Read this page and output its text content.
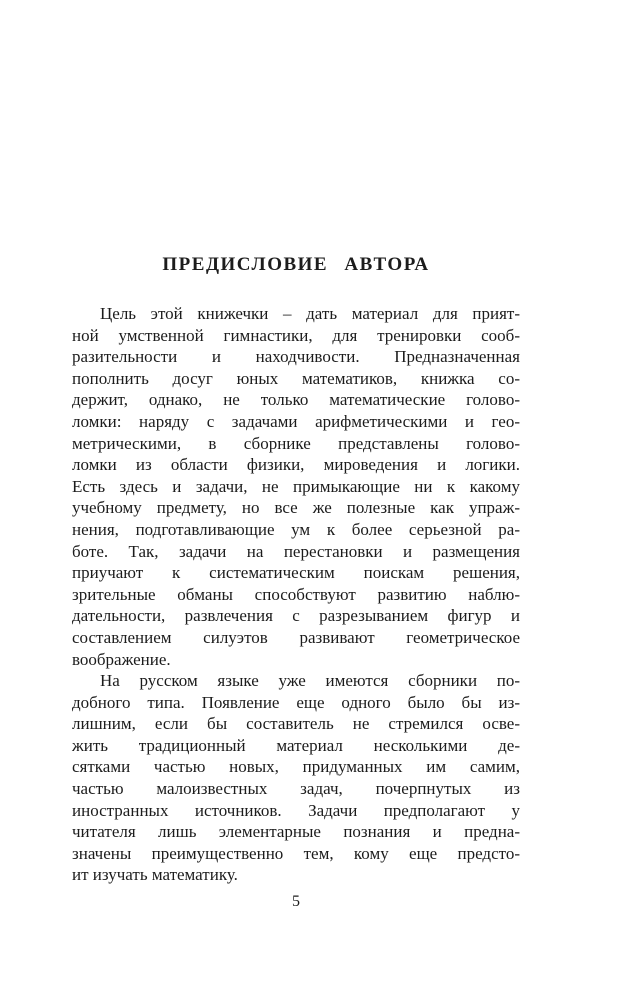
ПРЕДИСЛОВИЕ АВТОРА
Цель этой книжечки – дать материал для прият-
ной умственной гимнастики, для тренировки сооб-
разительности и находчивости. Предназначенная
пополнить досуг юных математиков, книжка со-
держит, однако, не только математические голово-
ломки: наряду с задачами арифметическими и гео-
метрическими, в сборнике представлены голово-
ломки из области физики, мироведения и логики.
Есть здесь и задачи, не примыкающие ни к какому
учебному предмету, но все же полезные как упраж-
нения, подготавливающие ум к более серьезной ра-
боте. Так, задачи на перестановки и размещения
приучают к систематическим поискам решения,
зрительные обманы способствуют развитию наблю-
дательности, развлечения с разрезыванием фигур и
составлением силуэтов развивают геометрическое
воображение.
На русском языке уже имеются сборники по-
добного типа. Появление еще одного было бы из-
лишним, если бы составитель не стремился осве-
жить традиционный материал несколькими де-
сятками частью новых, придуманных им самим,
частью малоизвестных задач, почерпнутых из
иностранных источников. Задачи предполагают у
читателя лишь элементарные познания и предна-
значены преимущественно тем, кому еще предсто-
ит изучать математику.
5
